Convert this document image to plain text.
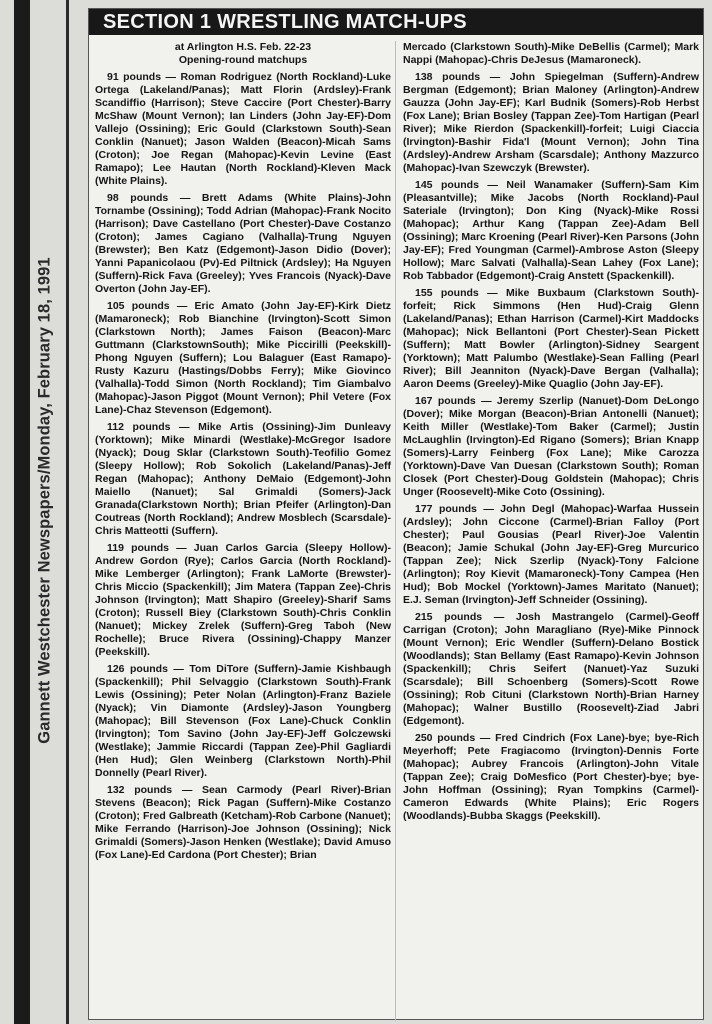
Gannett Westchester Newspapers/Monday, February 18, 1991
SECTION 1 WRESTLING MATCH-UPS
at Arlington H.S. Feb. 22-23
Opening-round matchups

91 pounds — Roman Rodriguez (North Rockland)-Luke Ortega (Lakeland/Panas); Matt Florin (Ardsley)-Frank Scandiffio (Harrison); Steve Caccire (Port Chester)-Barry McShaw (Mount Vernon); Ian Linders (John Jay-EF)-Dom Vallejo (Ossining); Eric Gould (Clarkstown South)-Sean Conklin (Nanuet); Jason Walden (Beacon)-Micah Sams (Croton); Joe Regan (Mahopac)-Kevin Levine (East Ramapo); Lee Hautan (North Rockland)-Kleven Mack (White Plains).

98 pounds — Brett Adams (White Plains)-John Tornambe (Ossining); Todd Adrian (Mahopac)-Frank Nocito (Harrison); Dave Castellano (Port Chester)-Dave Costanzo (Croton); James Cagiano (Valhalla)-Trung Nguyen (Brewster); Ben Katz (Edgemont)-Jason Didio (Dover); Yanni Papanicolaou (Pv)-Ed Piltnick (Ardsley); Ha Nguyen (Suffern)-Rick Fava (Greeley); Yves Francois (Nyack)-Dave Overton (John Jay-EF).

105 pounds — Eric Amato (John Jay-EF)-Kirk Dietz (Mamaroneck); Rob Bianchine (Irvington)-Scott Simon (Clarkstown North); James Faison (Beacon)-Marc Guttmann (ClarkstownSouth); Mike Piccirilli (Peekskill)-Phong Nguyen (Suffern); Lou Balaguer (East Ramapo)-Rusty Kazuru (Hastings/Dobbs Ferry); Mike Giovinco (Valhalla)-Todd Simon (North Rockland); Tim Giambalvo (Mahopac)-Jason Piggot (Mount Vernon); Phil Vetere (Fox Lane)-Chaz Stevenson (Edgemont).

112 pounds — Mike Artis (Ossining)-Jim Dunleavy (Yorktown); Mike Minardi (Westlake)-McGregor Isadore (Nyack); Doug Sklar (Clarkstown South)-Teofilio Gomez (Sleepy Hollow); Rob Sokolich (Lakeland/Panas)-Jeff Regan (Mahopac); Anthony DeMaio (Edgemont)-John Maiello (Nanuet); Sal Grimaldi (Somers)-Jack Granada(Clarkstown North); Brian Pfeifer (Arlington)-Dan Coutreas (North Rockland); Andrew Mosblech (Scarsdale)-Chris Matteotti (Suffern).

119 pounds — Juan Carlos Garcia (Sleepy Hollow)-Andrew Gordon (Rye); Carlos Garcia (North Rockland)-Mike Lemberger (Arlington); Frank LaMorte (Brewster)-Chris Miccio (Spackenkill); Jim Matera (Tappan Zee)-Chris Johnson (Irvington); Matt Shapiro (Greeley)-Sharif Sams (Croton); Russell Biey (Clarkstown South)-Chris Conklin (Nanuet); Mickey Zrelek (Suffern)-Greg Taboh (New Rochelle); Bruce Rivera (Ossining)-Chappy Manzer (Peekskill).

126 pounds — Tom DiTore (Suffern)-Jamie Kishbaugh (Spackenkill); Phil Selvaggio (Clarkstown South)-Frank Lewis (Ossining); Peter Nolan (Arlington)-Franz Baziele (Nyack); Vin Diamonte (Ardsley)-Jason Youngberg (Mahopac); Bill Stevenson (Fox Lane)-Chuck Conklin (Irvington); Tom Savino (John Jay-EF)-Jeff Golczewski (Westlake); Jammie Riccardi (Tappan Zee)-Phil Gagliardi (Hen Hud); Glen Weinberg (Clarkstown North)-Phil Donnelly (Pearl River).

132 pounds — Sean Carmody (Pearl River)-Brian Stevens (Beacon); Rick Pagan (Suffern)-Mike Costanzo (Croton); Fred Galbreath (Ketcham)-Rob Carbone (Nanuet); Mike Ferrando (Harrison)-Joe Johnson (Ossining); Nick Grimaldi (Somers)-Jason Henken (Westlake); David Amuso (Fox Lane)-Ed Cardona (Port Chester); Brian

Mercado (Clarkstown South)-Mike DeBellis (Carmel); Mark Nappi (Mahopac)-Chris DeJesus (Mamaroneck).

138 pounds — John Spiegelman (Suffern)-Andrew Bergman (Edgemont); Brian Maloney (Arlington)-Andrew Gauzza (John Jay-EF); Karl Budnik (Somers)-Rob Herbst (Fox Lane); Brian Bosley (Tappan Zee)-Tom Hartigan (Pearl River); Mike Rierdon (Spackenkill)-forfeit; Luigi Ciaccia (Irvington)-Bashir Fida'l (Mount Vernon); John Tina (Ardsley)-Andrew Arsham (Scarsdale); Anthony Mazzurco (Mahopac)-Ivan Szewczyk (Brewster).

145 pounds — Neil Wanamaker (Suffern)-Sam Kim (Pleasantville); Mike Jacobs (North Rockland)-Paul Sateriale (Irvington); Don King (Nyack)-Mike Rossi (Mahopac); Arthur Kang (Tappan Zee)-Adam Bell (Ossining); Marc Kroening (Pearl River)-Ken Parsons (John Jay-EF); Fred Youngman (Carmel)-Ambrose Aston (Sleepy Hollow); Marc Salvati (Valhalla)-Sean Lahey (Fox Lane); Rob Tabbador (Edgemont)-Craig Anstett (Spackenkill).

155 pounds — Mike Buxbaum (Clarkstown South)-forfeit; Rick Simmons (Hen Hud)-Craig Glenn (Lakeland/Panas); Ethan Harrison (Carmel)-Kirt Maddocks (Mahopac); Nick Bellantoni (Port Chester)-Sean Pickett (Suffern); Matt Bowler (Arlington)-Sidney Seargent (Yorktown); Matt Palumbo (Westlake)-Sean Falling (Pearl River); Bill Jeanniton (Nyack)-Dave Bergan (Valhalla); Aaron Deems (Greeley)-Mike Quaglio (John Jay-EF).

167 pounds — Jeremy Szerlip (Nanuet)-Dom DeLongo (Dover); Mike Morgan (Beacon)-Brian Antonelli (Nanuet); Keith Miller (Westlake)-Tom Baker (Carmel); Justin McLaughlin (Irvington)-Ed Rigano (Somers); Brian Knapp (Somers)-Larry Feinberg (Fox Lane); Mike Carozza (Yorktown)-Dave Van Duesan (Clarkstown South); Roman Closek (Port Chester)-Doug Goldstein (Mahopac); Chris Unger (Roosevelt)-Mike Coto (Ossining).

177 pounds — John Degl (Mahopac)-Warfaa Hussein (Ardsley); John Ciccone (Carmel)-Brian Falloy (Port Chester); Paul Gousias (Pearl River)-Joe Valentin (Beacon); Jamie Schukal (John Jay-EF)-Greg Murcurico (Tappan Zee); Nick Szerlip (Nyack)-Tony Falcione (Arlington); Roy Kievit (Mamaroneck)-Tony Campea (Hen Hud); Bob Mockel (Yorktown)-James Maritato (Nanuet); E.J. Seman (Irvington)-Jeff Schneider (Ossining).

215 pounds — Josh Mastrangelo (Carmel)-Geoff Carrigan (Croton); John Maragliano (Rye)-Mike Pinnock (Mount Vernon); Eric Wendler (Suffern)-Delano Bostick (Woodlands); Stan Bellamy (East Ramapo)-Kevin Johnson (Spackenkill); Chris Seifert (Nanuet)-Yaz Suzuki (Scarsdale); Bill Schoenberg (Somers)-Scott Rowe (Ossining); Rob Cituni (Clarkstown North)-Brian Harney (Mahopac); Walner Bustillo (Roosevelt)-Ziad Jabri (Edgemont).

250 pounds — Fred Cindrich (Fox Lane)-bye; bye-Rich Meyerhoff; Pete Fragiacomo (Irvington)-Dennis Forte (Mahopac); Aubrey Francois (Arlington)-John Vitale (Tappan Zee); Craig DoMesfico (Port Chester)-bye; bye-John Hoffman (Ossining); Ryan Tompkins (Carmel)-Cameron Edwards (White Plains); Eric Rogers (Woodlands)-Bubba Skaggs (Peekskill).
